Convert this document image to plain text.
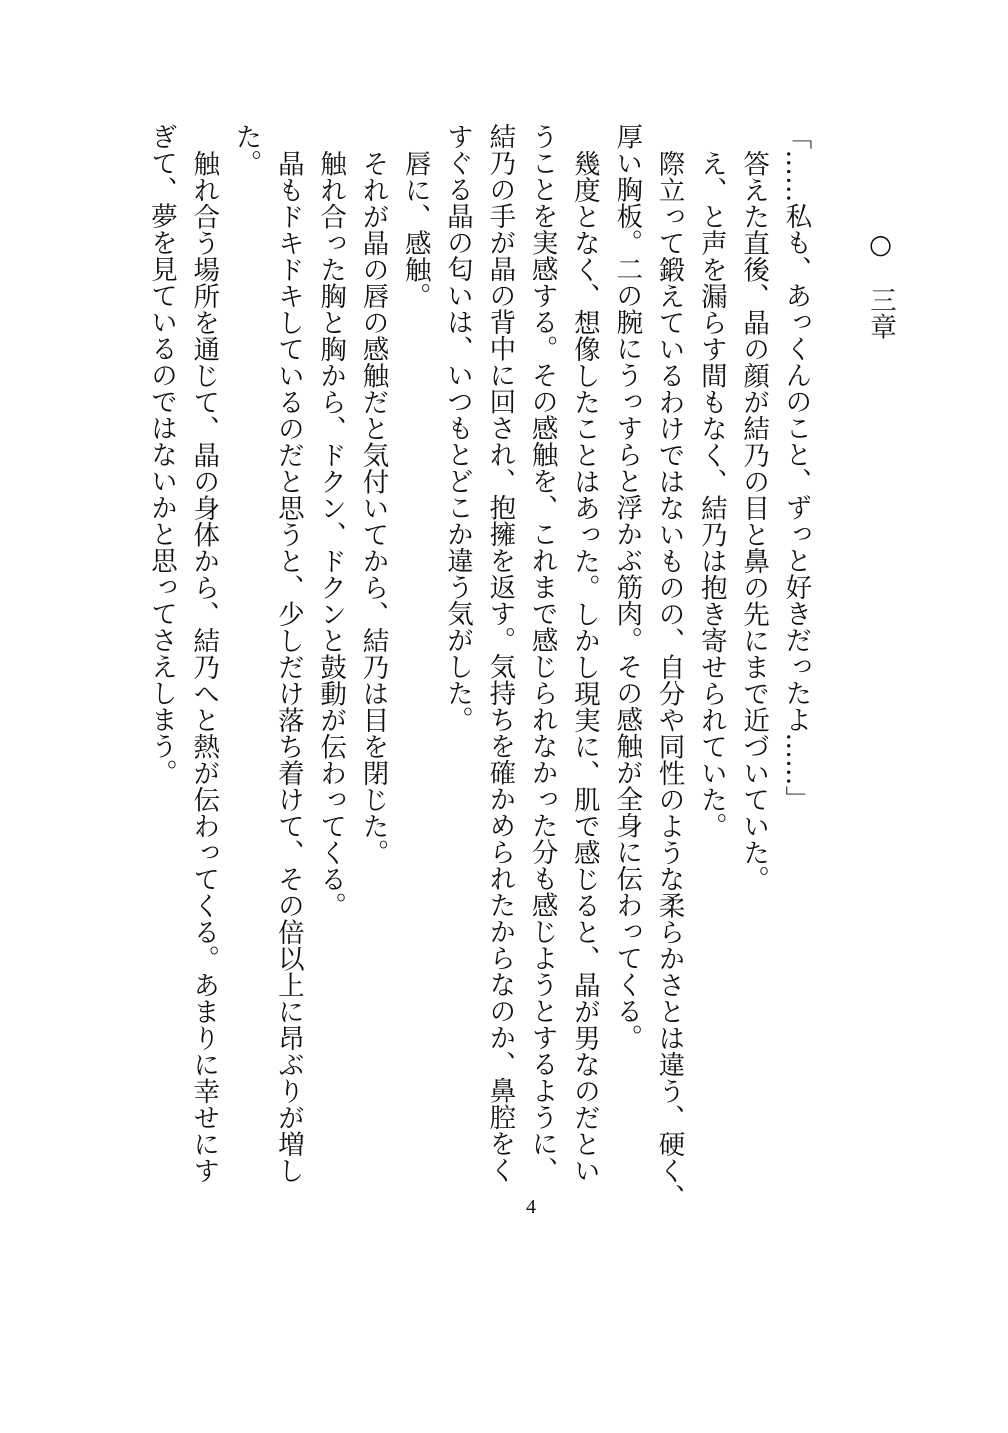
○　三章
「……私も、あっくんのこと、ずっと好きだったよ……」
答えた直後、晶の顔が結乃の目と鼻の先にまで近づいていた。
え、と声を漏らす間もなく、結乃は抱き寄せられていた。
際立って鍛えているわけではないものの、自分や同性のような柔らかさとは違う、硬く、
厚い胸板。二の腕にうっすらと浮かぶ筋肉。その感触が全身に伝わってくる。
幾度となく、想像したことはあった。しかし現実に、肌で感じると、晶が男なのだとい
うことを実感する。その感触を、これまで感じられなかった分も感じようとするように、
結乃の手が晶の背中に回され、抱擁を返す。気持ちを確かめられたからなのか、鼻腔をく
すぐる晶の匂いは、いつもとどこか違う気がした。
唇に、感触。
それが晶の唇の感触だと気付いてから、結乃は目を閉じた。
触れ合った胸と胸から、ドクン、ドクンと鼓動が伝わってくる。
晶もドキドキしているのだと思うと、少しだけ落ち着けて、その倍以上に昂ぶりが増し
た。
触れ合う場所を通じて、晶の身体から、結乃へと熱が伝わってくる。あまりに幸せにす
ぎて、夢を見ているのではないかと思ってさえしまう。
4
